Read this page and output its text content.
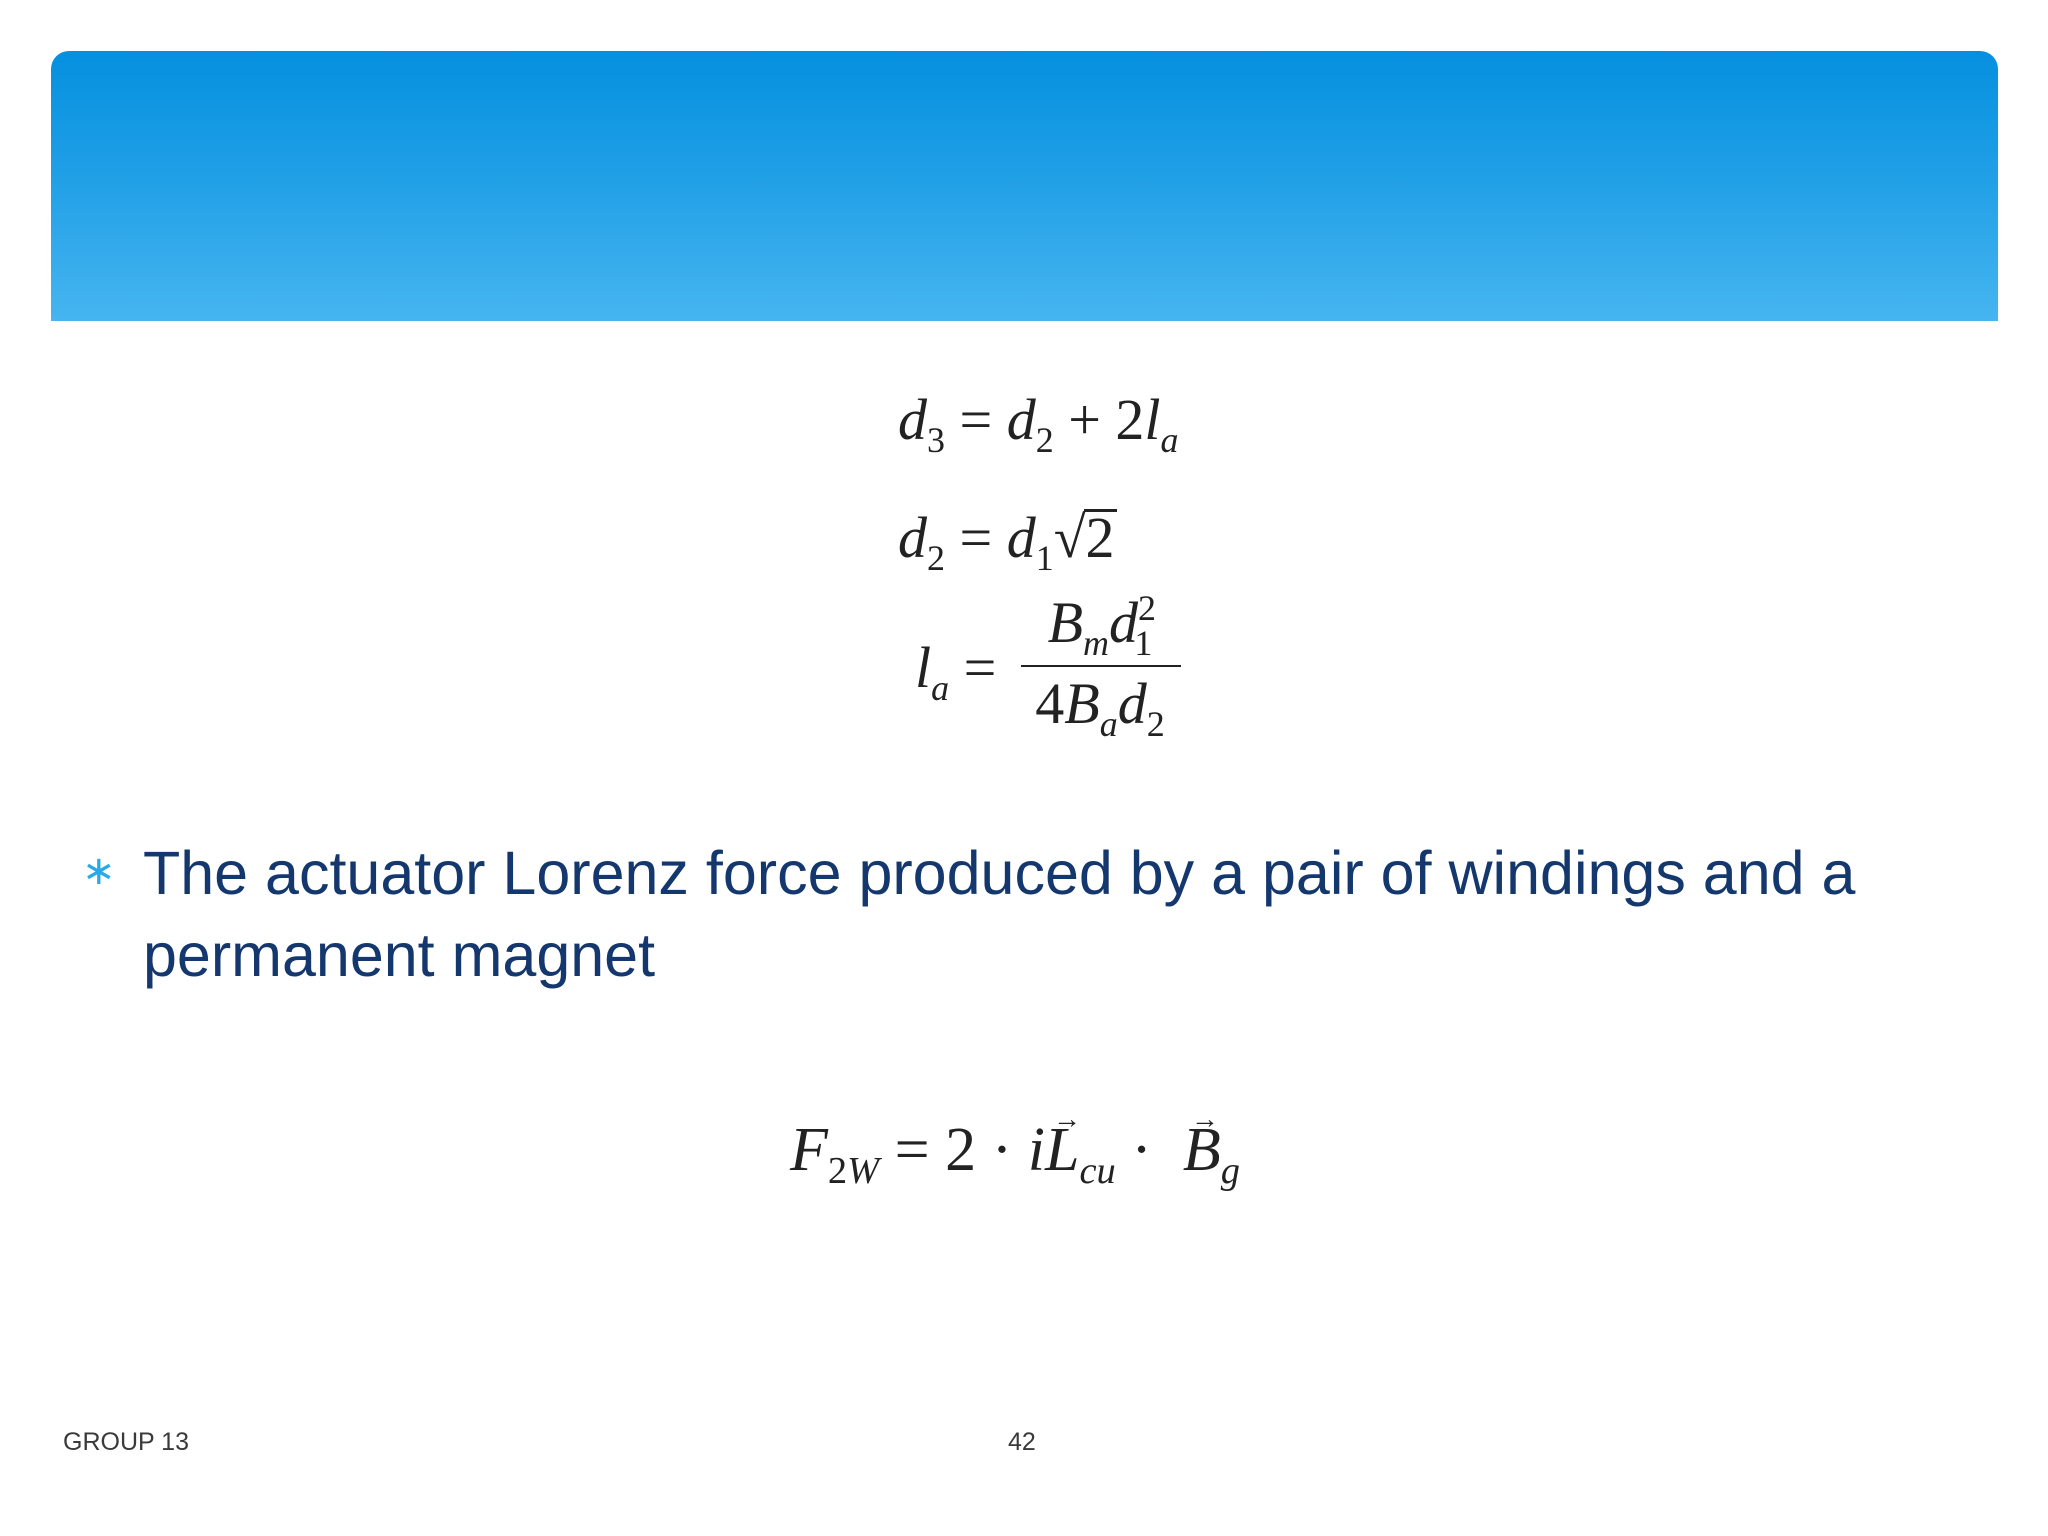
$d_3 = d_2 + 2l_a$
$d_2 = d_1√2$
$l_a$ =
$B_md^2_1$
$4B_ad_2$
∗ The actuator Lorenz force produced by a pair of windings and a permanent magnet
$F_{2W} = 2 \cdot i\to L_{cu}$ ·  → $B_g$
GROUP 13	42
